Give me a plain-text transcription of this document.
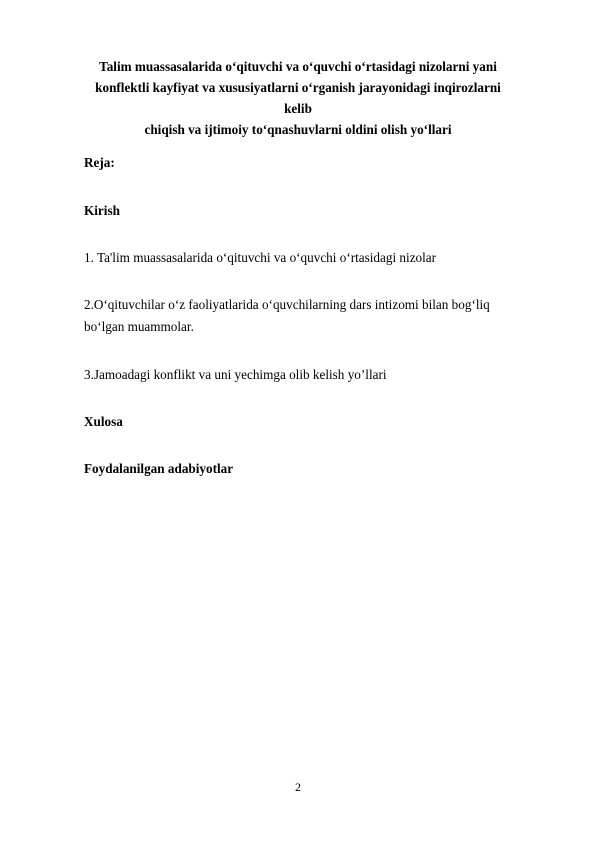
Talim muassasalarida o‘qituvchi va o‘quvchi o‘rtasidagi nizolarni yani
konflektli kayfiyat va xususiyatlarni o‘rganish jarayonidagi inqirozlarni kelib
chiqish va ijtimoiy to‘qnashuvlarni oldini olish yo‘llari
Reja:
Kirish
1. Ta'lim muassasalarida o‘qituvchi va o‘quvchi o‘rtasidagi nizolar
2.O‘qituvchilar o‘z faoliyatlarida o‘quvchilarning dars intizomi bilan bog‘liq
bo‘lgan muammolar.
3.Jamoadagi konflikt va uni yechimga olib kelish yo’llari
Xulosa
Foydalanilgan adabiyotlar
2
